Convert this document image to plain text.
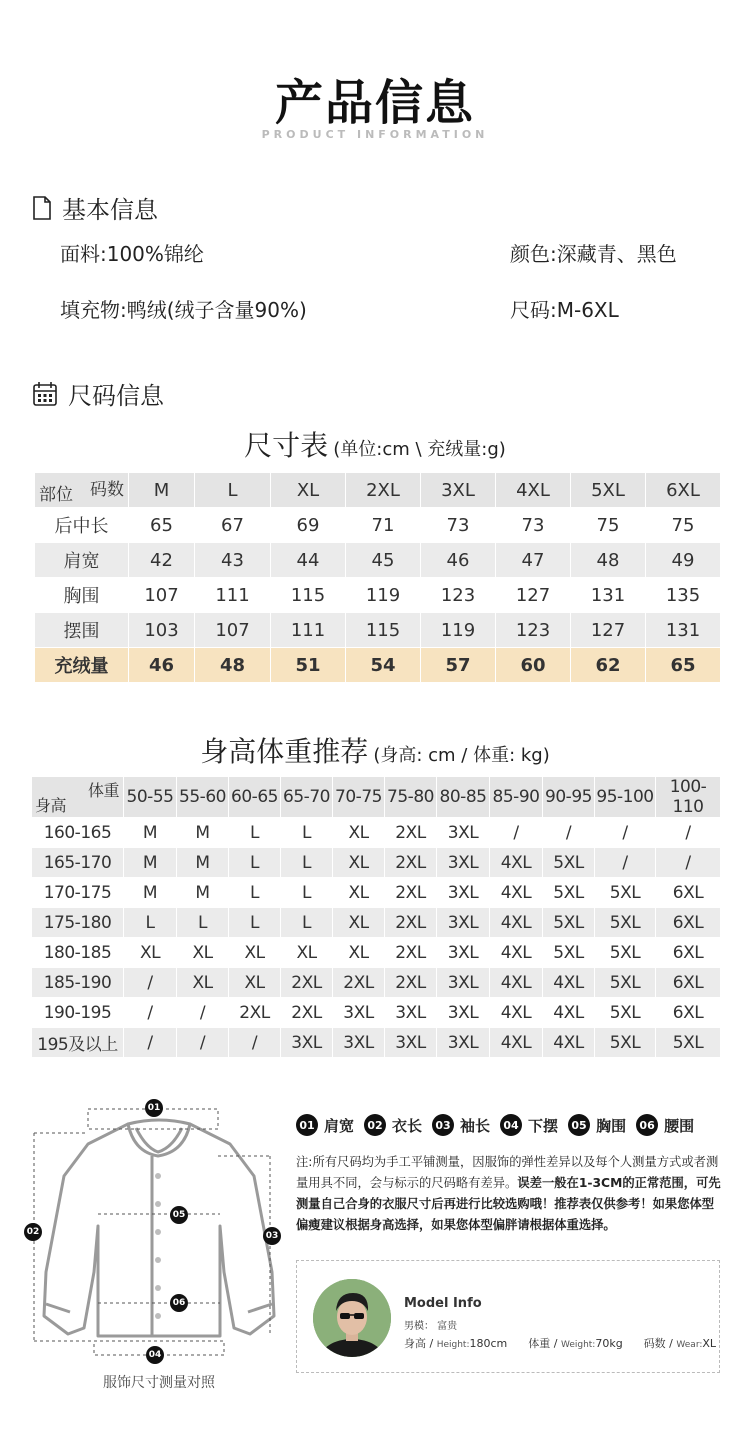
产品信息
PRODUCT INFORMATION
基本信息
面料:100%锦纶	颜色:深藏青、黑色
填充物:鸭绒(绒子含量90%)	尺码:M-6XL
尺码信息
尺寸表 (单位:cm \ 充绒量:g)
码数
部位	M	L	XL	2XL	3XL	4XL	5XL	6XL
后中长	65	67	69	71	73	73	75	75
肩宽	42	43	44	45	46	47	48	49
胸围	107	111	115	119	123	127	131	135
摆围	103	107	111	115	119	123	127	131
充绒量	46	48	51	54	57	60	62	65
身高体重推荐 (身高: cm / 体重: kg)
体重
身高	50-55	55-60	60-65	65-70	70-75	75-80	80-85	85-90	90-95	95-100	100-110
160-165	M	M	L	L	XL	2XL	3XL	/	/	/	/
165-170	M	M	L	L	XL	2XL	3XL	4XL	5XL	/	/
170-175	M	M	L	L	XL	2XL	3XL	4XL	5XL	5XL	6XL
175-180	L	L	L	L	XL	2XL	3XL	4XL	5XL	5XL	6XL
180-185	XL	XL	XL	XL	XL	2XL	3XL	4XL	5XL	5XL	6XL
185-190	/	XL	XL	2XL	2XL	2XL	3XL	4XL	4XL	5XL	6XL
190-195	/	/	2XL	2XL	3XL	3XL	3XL	4XL	4XL	5XL	6XL
195及以上	/	/	/	3XL	3XL	3XL	3XL	4XL	4XL	5XL	5XL
01
02	03
04
05
06
服饰尺寸测量对照
01 肩宽	02 衣长	03 袖长	04 下摆	05 胸围	06 腰围
注:所有尺码均为手工平铺测量，因服饰的弹性差异以及每个人测量方式或者测量用具不同，会与标示的尺码略有差异。误差一般在1-3CM的正常范围，可先测量自己合身的衣服尺寸后再进行比较选购哦！推荐表仅供参考！如果您体型偏瘦建议根据身高选择，如果您体型偏胖请根据体重选择。
Model Info
男模： 富贵
身高 / Height:180cm 体重 / Weight:70kg 码数 / Wear:XL
